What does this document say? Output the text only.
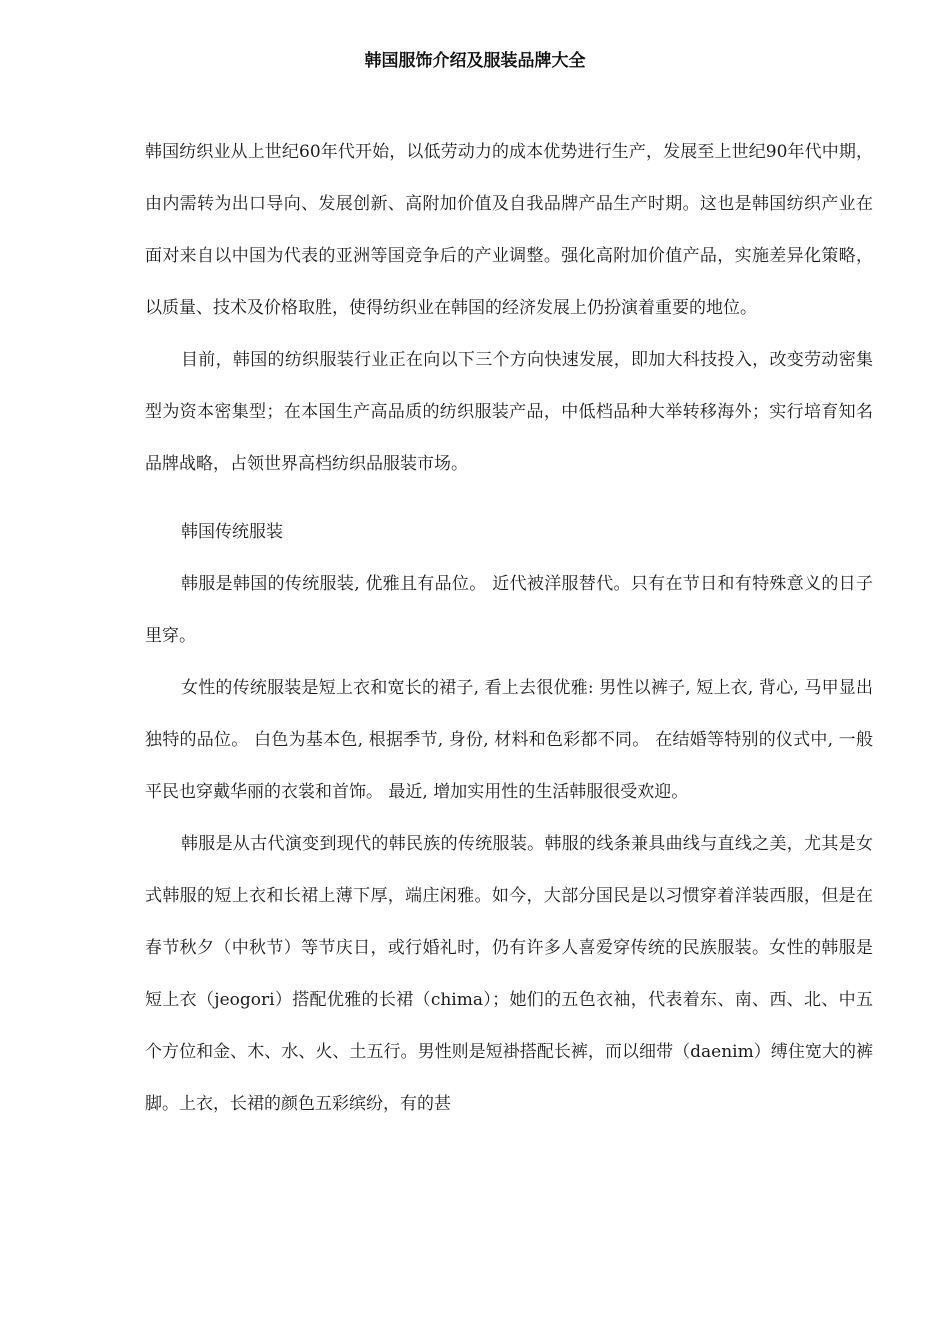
韩国服饰介绍及服装品牌大全

韩国纺织业从上世纪60年代开始，以低劳动力的成本优势进行生产，发展至上世纪90年代中期，由内需转为出口导向、发展创新、高附加价值及自我品牌产品生产时期。这也是韩国纺织产业在面对来自以中国为代表的亚洲等国竞争后的产业调整。强化高附加价值产品，实施差异化策略，以质量、技术及价格取胜，使得纺织业在韩国的经济发展上仍扮演着重要的地位。

目前，韩国的纺织服装行业正在向以下三个方向快速发展，即加大科技投入，改变劳动密集型为资本密集型；在本国生产高品质的纺织服装产品，中低档品种大举转移海外；实行培育知名品牌战略，占领世界高档纺织品服装市场。

韩国传统服装

韩服是韩国的传统服装, 优雅且有品位。 近代被洋服替代。只有在节日和有特殊意义的日子里穿。

女性的传统服装是短上衣和宽长的裙子, 看上去很优雅: 男性以裤子, 短上衣, 背心, 马甲显出独特的品位。 白色为基本色, 根据季节, 身份, 材料和色彩都不同。 在结婚等特别的仪式中, 一般平民也穿戴华丽的衣裳和首饰。 最近, 增加实用性的生活韩服很受欢迎。

韩服是从古代演变到现代的韩民族的传统服装。韩服的线条兼具曲线与直线之美，尤其是女式韩服的短上衣和长裙上薄下厚，端庄闲雅。如今，大部分国民是以习惯穿着洋装西服，但是在春节秋夕（中秋节）等节庆日，或行婚礼时，仍有许多人喜爱穿传统的民族服装。女性的韩服是短上衣（jeogori）搭配优雅的长裙（chima）；她们的五色衣袖，代表着东、南、西、北、中五个方位和金、木、水、火、土五行。男性则是短褂搭配长裤，而以细带（daenim）缚住宽大的裤脚。上衣，长裙的颜色五彩缤纷，有的甚
